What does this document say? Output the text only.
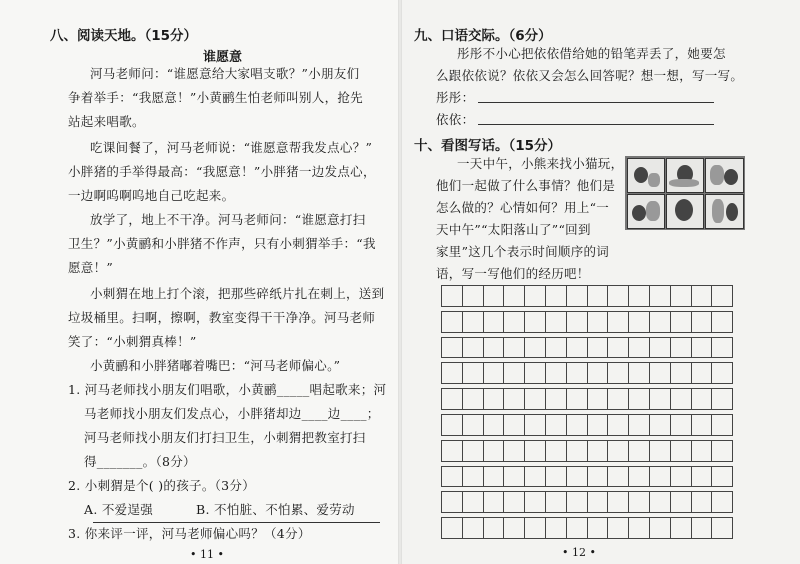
八、阅读天地。（15分）
谁愿意
河马老师问：“谁愿意给大家唱支歌？”小朋友们
争着举手：“我愿意！”小黄鹂生怕老师叫别人，抢先
站起来唱歌。
吃课间餐了，河马老师说：“谁愿意帮我发点心？”
小胖猪的手举得最高：“我愿意！”小胖猪一边发点心，
一边啊呜啊呜地自己吃起来。
放学了，地上不干净。河马老师问：“谁愿意打扫
卫生？”小黄鹂和小胖猪不作声，只有小刺猬举手：“我
愿意！”
小刺猬在地上打个滚，把那些碎纸片扎在刺上，送到
垃圾桶里。扫啊，擦啊，教室变得干干净净。河马老师
笑了：“小刺猬真棒！”
小黄鹂和小胖猪嘟着嘴巴：“河马老师偏心。”
1. 河马老师找小朋友们唱歌，小黄鹂_____唱起歌来；河
马老师找小朋友们发点心，小胖猪却边____边____；
河马老师找小朋友们打扫卫生，小刺猬把教室打扫
得_______。（8分）
2. 小刺猬是个( )的孩子。（3分）
A. 不爱逞强	B. 不怕脏、不怕累、爱劳动
3. 你来评一评，河马老师偏心吗？（4分）
• 11 •
九、口语交际。（6分）
彤彤不小心把依依借给她的铅笔弄丢了，她要怎
么跟依依说？依依又会怎么回答呢？想一想，写一写。
彤彤：
依依：
十、看图写话。（15分）
一天中午，小熊来找小猫玩，
他们一起做了什么事情？他们是
怎么做的？心情如何？用上“一
天中午”“太阳落山了”“回到
家里”这几个表示时间顺序的词
语，写一写他们的经历吧！

• 12 •
